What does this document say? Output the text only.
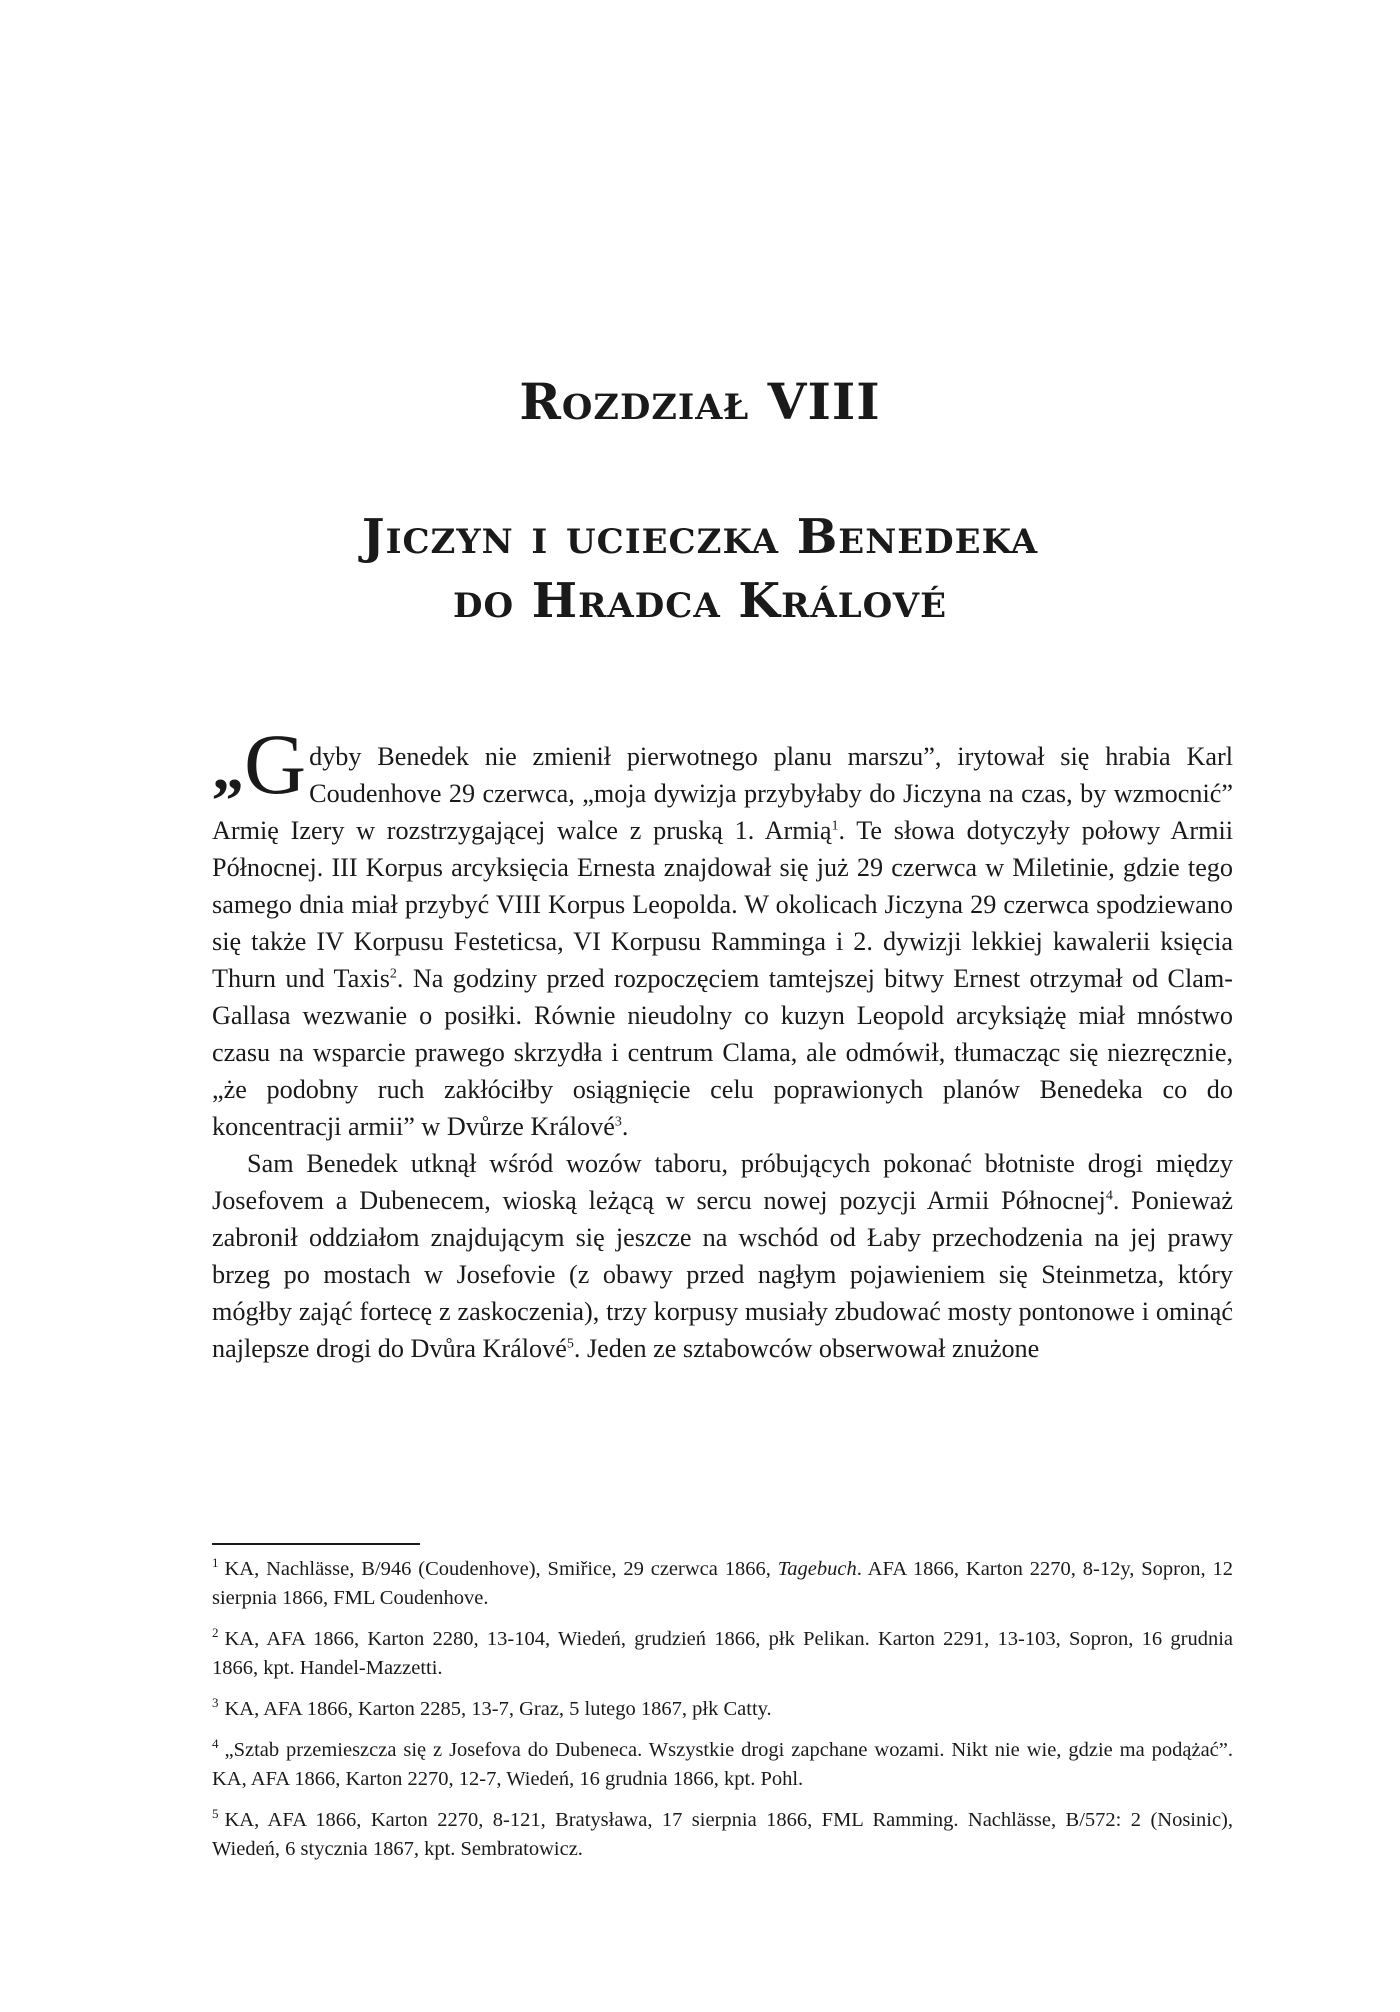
Rozdział VIII
Jiczyn i ucieczka Benedeka
do Hradca Králové

„G dyby Benedek nie zmienił pierwotnego planu marszu”, irytował się hrabia Karl Coudenhove 29 czerwca, „moja dywizja przybyłaby do Jiczyna na czas, by wzmocnić” Armię Izery w rozstrzygającej walce z pruską 1. Armią$^1$. Te słowa dotyczyły połowy Armii Północnej. III Korpus arcyksięcia Ernesta znajdował się już 29 czerwca w Miletinie, gdzie tego samego dnia miał przybyć VIII Korpus Leopolda. W okolicach Jiczyna 29 czerwca spodziewano się także IV Korpusu Festeticsa, VI Korpusu Ramminga i 2. dywizji lekkiej kawalerii księcia Thurn und Taxis$^2$. Na godziny przed rozpoczęciem tamtejszej bitwy Ernest otrzymał od Clam-Gallasa wezwanie o posiłki. Równie nieudolny co kuzyn Leopold arcyksiążę miał mnóstwo czasu na wsparcie prawego skrzydła i centrum Clama, ale odmówił, tłumacząc się niezręcznie, „że podobny ruch zakłóciłby osiągnięcie celu poprawionych planów Benedeka co do koncentracji armii” w Dvůrze Králové$^3$.

Sam Benedek utknął wśród wozów taboru, próbujących pokonać błotniste drogi między Josefovem a Dubenecem, wioską leżącą w sercu nowej pozycji Armii Północnej$^4$. Ponieważ zabronił oddziałom znajdującym się jeszcze na wschód od Łaby przechodzenia na jej prawy brzeg po mostach w Josefovie (z obawy przed nagłym pojawieniem się Steinmetza, który mógłby zająć fortecę z zaskoczenia), trzy korpusy musiały zbudować mosty pontonowe i ominąć najlepsze drogi do Dvůra Králové$^5$. Jeden ze sztabowców obserwował znużone

$^1$ KA, Nachlässe, B/946 (Coudenhove), Smiřice, 29 czerwca 1866, Tagebuch. AFA 1866, Karton 2270, 8-12y, Sopron, 12 sierpnia 1866, FML Coudenhove.

$^2$ KA, AFA 1866, Karton 2280, 13-104, Wiedeń, grudzień 1866, płk Pelikan. Karton 2291, 13-103, Sopron, 16 grudnia 1866, kpt. Handel-Mazzetti.

$^3$ KA, AFA 1866, Karton 2285, 13-7, Graz, 5 lutego 1867, płk Catty.

$^4$ „Sztab przemieszcza się z Josefova do Dubeneca. Wszystkie drogi zapchane wozami. Nikt nie wie, gdzie ma podążać”. KA, AFA 1866, Karton 2270, 12-7, Wiedeń, 16 grudnia 1866, kpt. Pohl.

$^5$ KA, AFA 1866, Karton 2270, 8-121, Bratysława, 17 sierpnia 1866, FML Ramming. Nachlässe, B/572: 2 (Nosinic), Wiedeń, 6 stycznia 1867, kpt. Sembratowicz.
